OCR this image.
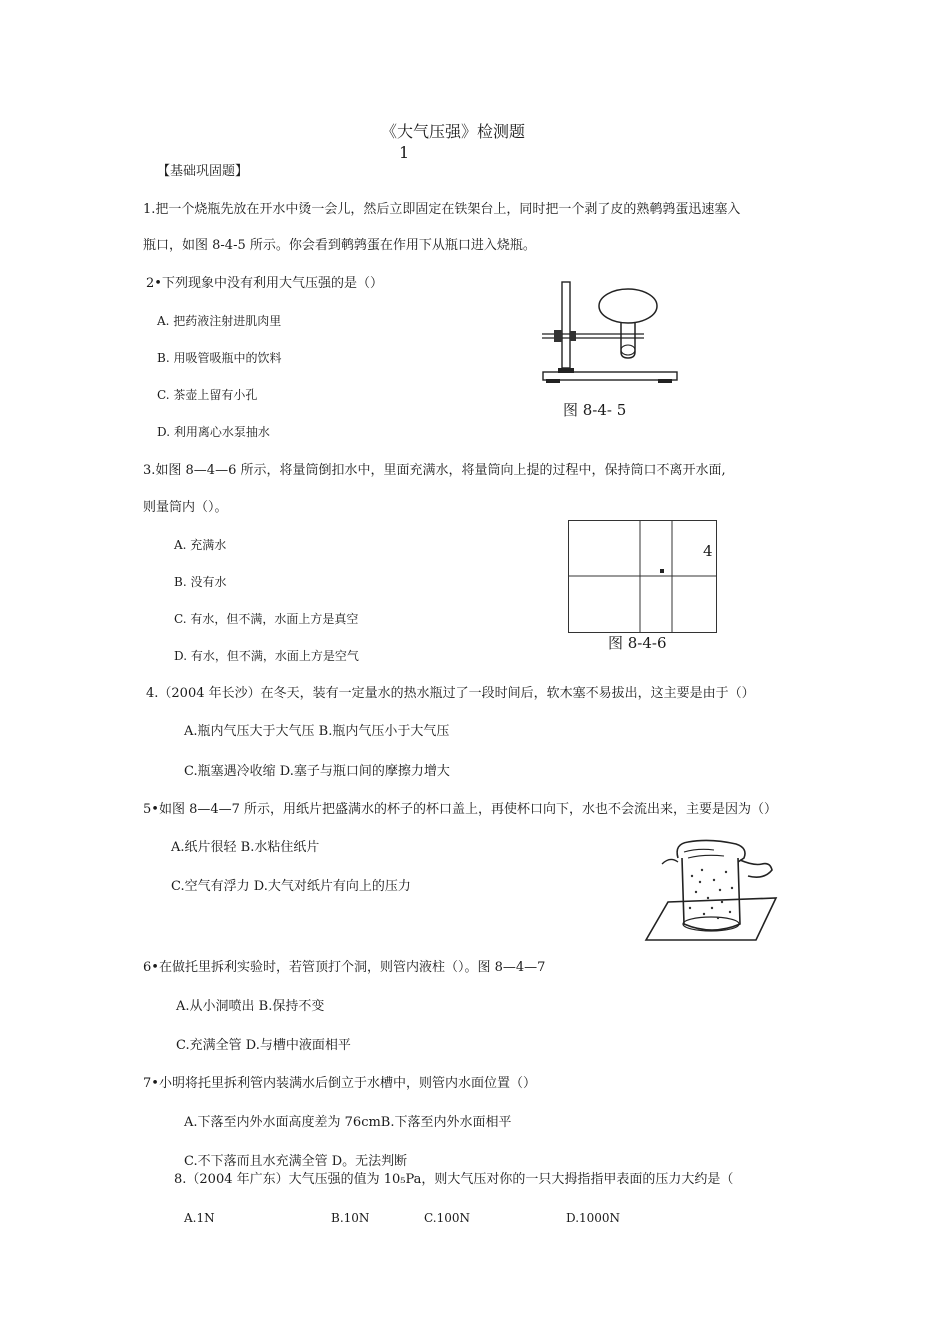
《大气压强》检测题
1
【基础巩固题】
1.把一个烧瓶先放在开水中烫一会儿，然后立即固定在铁架台上，同时把一个剥了皮的熟鹌鹑蛋迅速塞入
瓶口，如图 8-4-5 所示。你会看到鹌鹑蛋在作用下从瓶口进入烧瓶。
2•下列现象中没有利用大气压强的是（）
A. 把药液注射进肌肉里
B. 用吸管吸瓶中的饮料
C. 茶壶上留有小孔
D. 利用离心水泵抽水
图 8-4- 5
3.如图 8—4—6 所示，将量筒倒扣水中，里面充满水，将量筒向上提的过程中，保持筒口不离开水面,
则量筒内（）。
A. 充满水
B. 没有水
C. 有水，但不满，水面上方是真空
D. 有水，但不满，水面上方是空气
4
图 8-4-6
4.（2004 年长沙）在冬天，装有一定量水的热水瓶过了一段时间后，软木塞不易拔出，这主要是由于（）
A.瓶内气压大于大气压 B.瓶内气压小于大气压
C.瓶塞遇冷收缩 D.塞子与瓶口间的摩擦力增大
5•如图 8—4—7 所示，用纸片把盛满水的杯子的杯口盖上，再使杯口向下，水也不会流出来，主要是因为（）
A.纸片很轻 B.水粘住纸片
C.空气有浮力 D.大气对纸片有向上的压力
6•在做托里拆利实验时，若管顶打个洞，则管内液柱（）。图 8—4—7
A.从小洞喷出 B.保持不变
C.充满全管 D.与槽中液面相平
7•小明将托里拆利管内装满水后倒立于水槽中，则管内水面位置（）
A.下落至内外水面高度差为 76cmB.下落至内外水面相平
C.不下落而且水充满全管 D。无法判断
8.（2004 年广东）大气压强的值为 10₅Pa，则大气压对你的一只大拇指指甲表面的压力大约是（
A.1N	B.10N	C.100N	D.1000N
